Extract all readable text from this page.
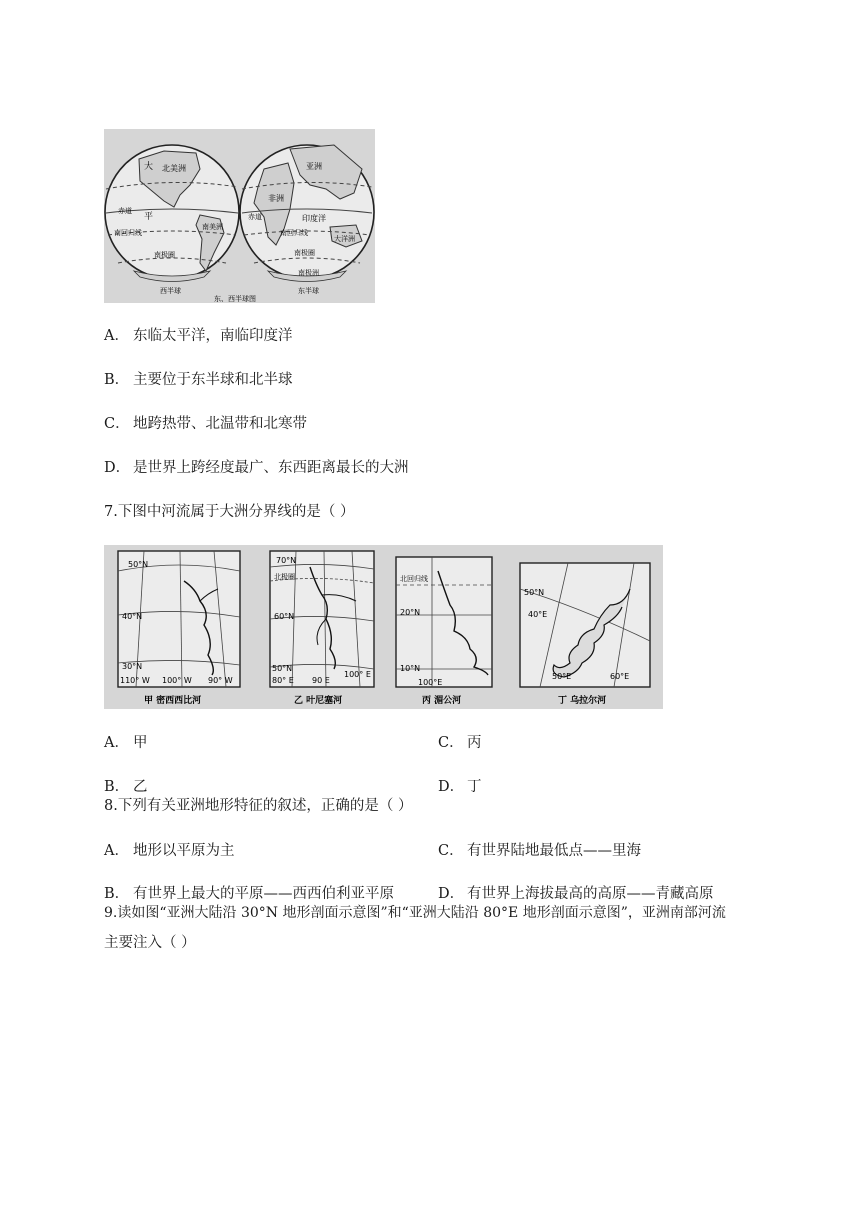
大 北美洲
赤道
平
南美洲
南回归线
南极圈
西半球
亚洲
非洲
赤道	印度洋
大洋洲
南回归线
南极圈
南极洲
东半球
东、西半球图
A． 东临太平洋，南临印度洋
B． 主要位于东半球和北半球
C． 地跨热带、北温带和北寒带
D． 是世界上跨经度最广、东西距离最长的大洲
7.下图中河流属于大洲分界线的是（ ）
50°N
40°N
30°N
110° W 100° W 90° W
甲 密西西比河
70°N
北极圈
60°N
50°N
80° E 90 E
100° E
乙 叶尼塞河
北回归线
20°N
10°N
100°E
丙 湄公河
50°N
40°E
50°E	60°E
丁 乌拉尔河
A． 甲	C． 丙
B． 乙	D． 丁
8.下列有关亚洲地形特征的叙述，正确的是（ ）
A． 地形以平原为主	C． 有世界陆地最低点——里海
B． 有世界上最大的平原——西西伯利亚平原	D． 有世界上海拔最高的高原——青藏高原
9.读如图“亚洲大陆沿 30°N 地形剖面示意图”和“亚洲大陆沿 80°E 地形剖面示意图”，亚洲南部河流
主要注入（ ）
